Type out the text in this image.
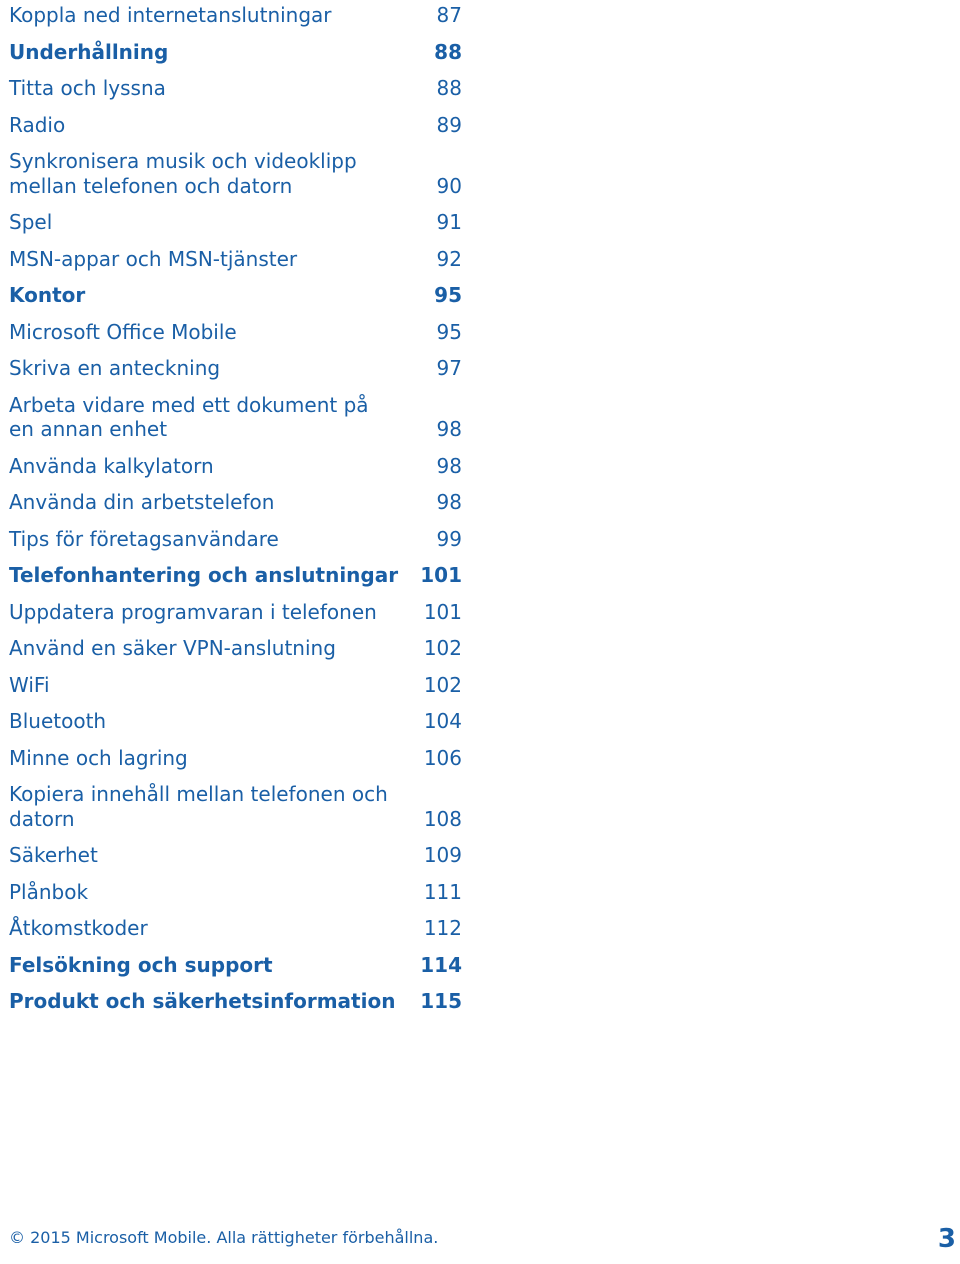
Koppla ned internetanslutningar	87
Underhållning	88
Titta och lyssna	88
Radio	89
Synkronisera musik och videoklipp mellan telefonen och datorn	90
Spel	91
MSN-appar och MSN-tjänster	92
Kontor	95
Microsoft Office Mobile	95
Skriva en anteckning	97
Arbeta vidare med ett dokument på en annan enhet	98
Använda kalkylatorn	98
Använda din arbetstelefon	98
Tips för företagsanvändare	99
Telefonhantering och anslutningar 101
Uppdatera programvaran i telefonen 101
Använd en säker VPN-anslutning	102
WiFi	102
Bluetooth	104
Minne och lagring	106
Kopiera innehåll mellan telefonen och datorn	108
Säkerhet	109
Plånbok	111
Åtkomstkoder	112
Felsökning och support	114
Produkt och säkerhetsinformation 115
© 2015 Microsoft Mobile. Alla rättigheter förbehållna.	3
